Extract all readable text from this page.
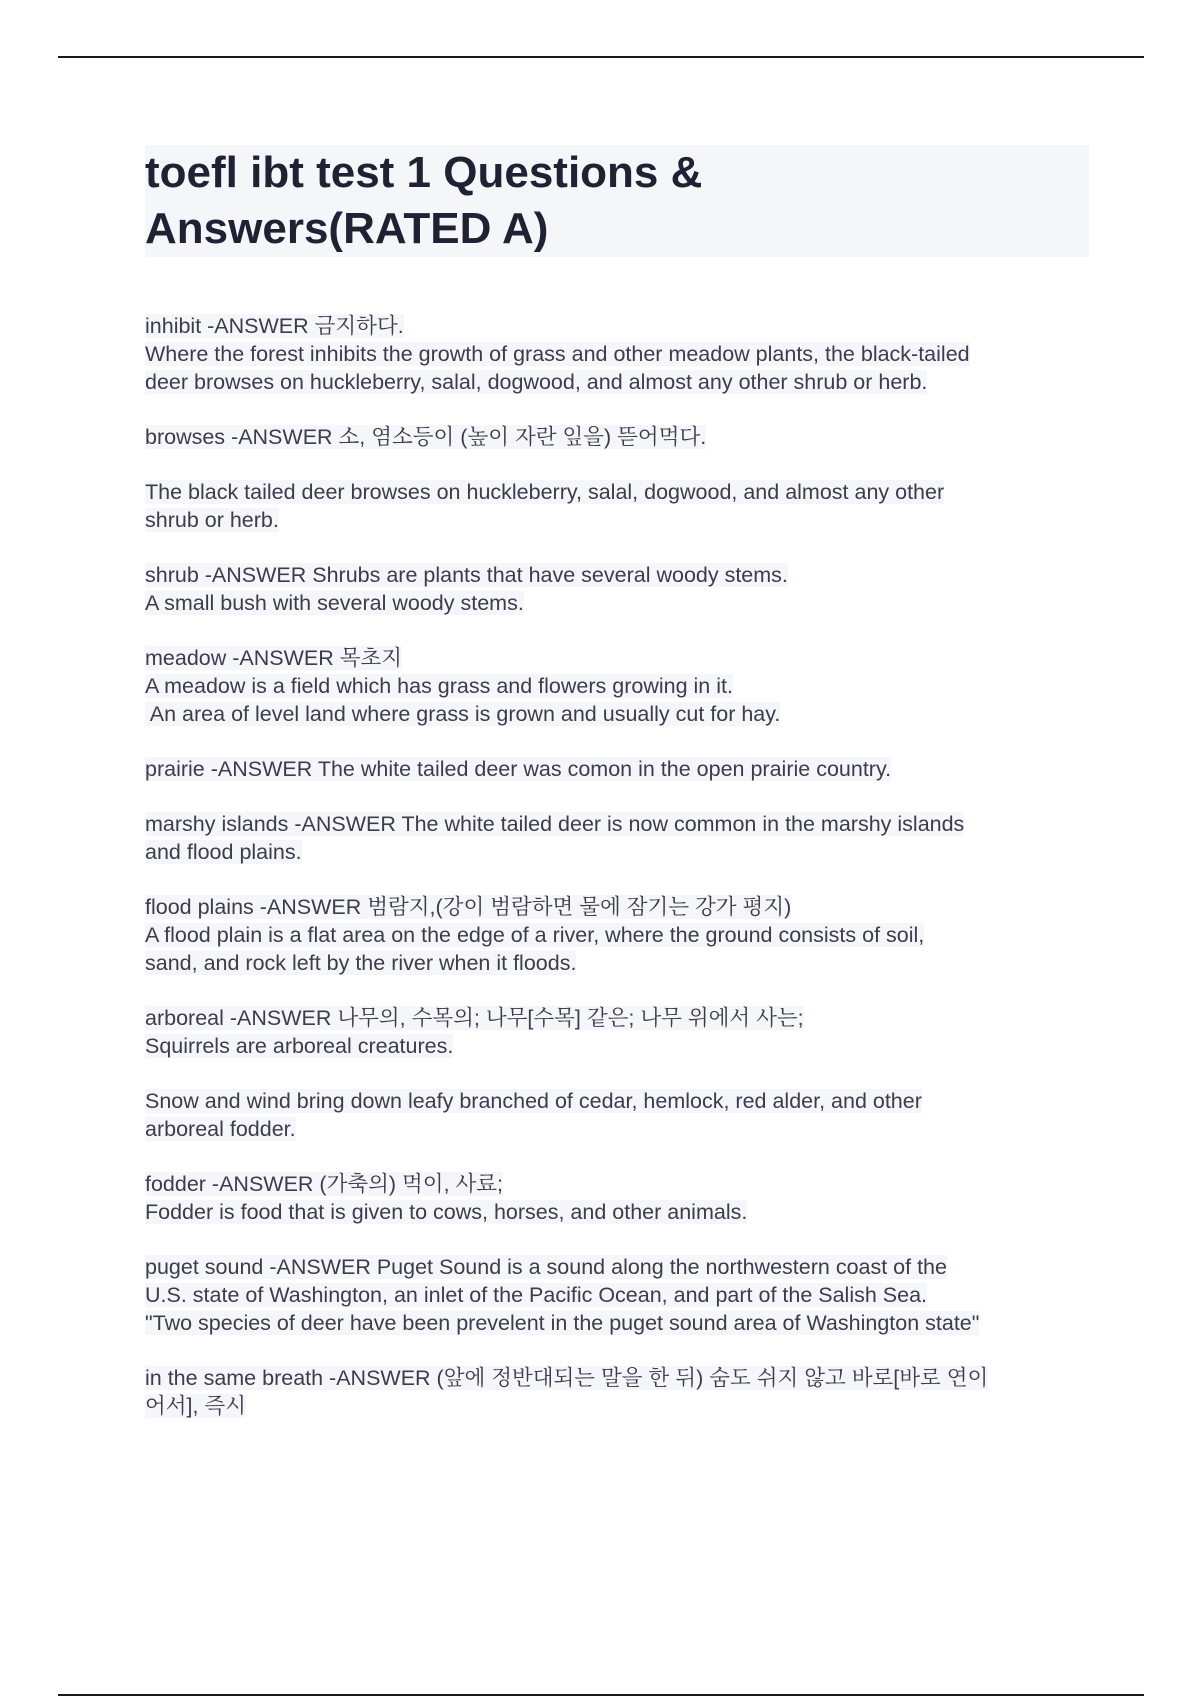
toefl ibt test 1 Questions &
Answers(RATED A)
inhibit -ANSWER 금지하다.
Where the forest inhibits the growth of grass and other meadow plants, the black-tailed
deer browses on huckleberry, salal, dogwood, and almost any other shrub or herb.
browses -ANSWER 소, 염소등이 (높이 자란 잎을) 뜯어먹다.
The black tailed deer browses on huckleberry, salal, dogwood, and almost any other
shrub or herb.
shrub -ANSWER Shrubs are plants that have several woody stems.
A small bush with several woody stems.
meadow -ANSWER 목초지
A meadow is a field which has grass and flowers growing in it.
An area of level land where grass is grown and usually cut for hay.
prairie -ANSWER The white tailed deer was comon in the open prairie country.
marshy islands -ANSWER The white tailed deer is now common in the marshy islands
and flood plains.
flood plains -ANSWER 범람지,(강이 범람하면 물에 잠기는 강가 평지)
A flood plain is a flat area on the edge of a river, where the ground consists of soil,
sand, and rock left by the river when it floods.
arboreal -ANSWER 나무의, 수목의; 나무[수목] 같은; 나무 위에서 사는;
Squirrels are arboreal creatures.
Snow and wind bring down leafy branched of cedar, hemlock, red alder, and other
arboreal fodder.
fodder -ANSWER (가축의) 먹이, 사료;
Fodder is food that is given to cows, horses, and other animals.
puget sound -ANSWER Puget Sound is a sound along the northwestern coast of the
U.S. state of Washington, an inlet of the Pacific Ocean, and part of the Salish Sea.
"Two species of deer have been prevelent in the puget sound area of Washington state"
in the same breath -ANSWER (앞에 정반대되는 말을 한 뒤) 숨도 쉬지 않고 바로[바로 연이
어서], 즉시
